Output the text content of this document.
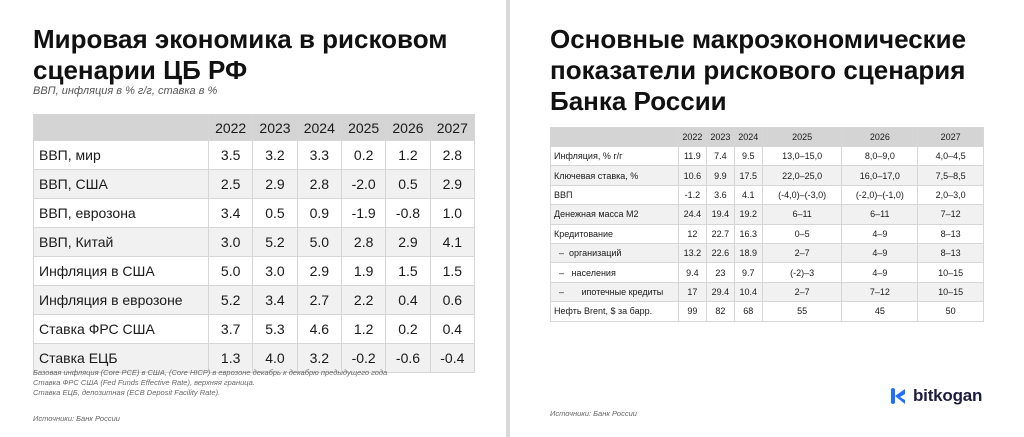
Мировая экономика в рисковом
сценарии ЦБ РФ
ВВП, инфляция в % г/г, ставка в %
	2022	2023	2024	2025	2026	2027
ВВП, мир	3.5	3.2	3.3	0.2	1.2	2.8
ВВП, США	2.5	2.9	2.8	-2.0	0.5	2.9
ВВП, еврозона	3.4	0.5	0.9	-1.9	-0.8	1.0
ВВП, Китай	3.0	5.2	5.0	2.8	2.9	4.1
Инфляция в США	5.0	3.0	2.9	1.9	1.5	1.5
Инфляция в еврозоне	5.2	3.4	2.7	2.2	0.4	0.6
Ставка ФРС США	3.7	5.3	4.6	1.2	0.2	0.4
Ставка ЕЦБ	1.3	4.0	3.2	-0.2	-0.6	-0.4
Базовая инфляция (Core PCE) в США, (Core HICP) в еврозоне декабрь к декабрю предыдущего года
Ставка ФРС США (Fed Funds Effective Rate), верхняя граница.
Ставка ЕЦБ, депозитная (ECB Deposit Facility Rate).
Источники: Банк России
Основные макроэкономические
показатели рискового сценария
Банка России
	2022	2023	2024	2025	2026	2027
Инфляция, % г/г	11.9	7.4	9.5	13,0–15,0	8,0–9,0	4,0–4,5
Ключевая ставка, %	10.6	9.9	17.5	22,0–25,0	16,0–17,0	7,5–8,5
ВВП	-1.2	3.6	4.1	(-4,0)–(-3,0)	(-2,0)–(-1,0)	2,0–3,0
Денежная масса М2	24.4	19.4	19.2	6–11	6–11	7–12
Кредитование	12	22.7	16.3	0–5	4–9	8–13
–  организаций	13.2	22.6	18.9	2–7	4–9	8–13
–   населения	9.4	23	9.7	(-2)–3	4–9	10–15
–       ипотечные кредиты	17	29.4	10.4	2–7	7–12	10–15
Нефть Brent, $ за барр.	99	82	68	55	45	50
Источники: Банк России
bitkogan
